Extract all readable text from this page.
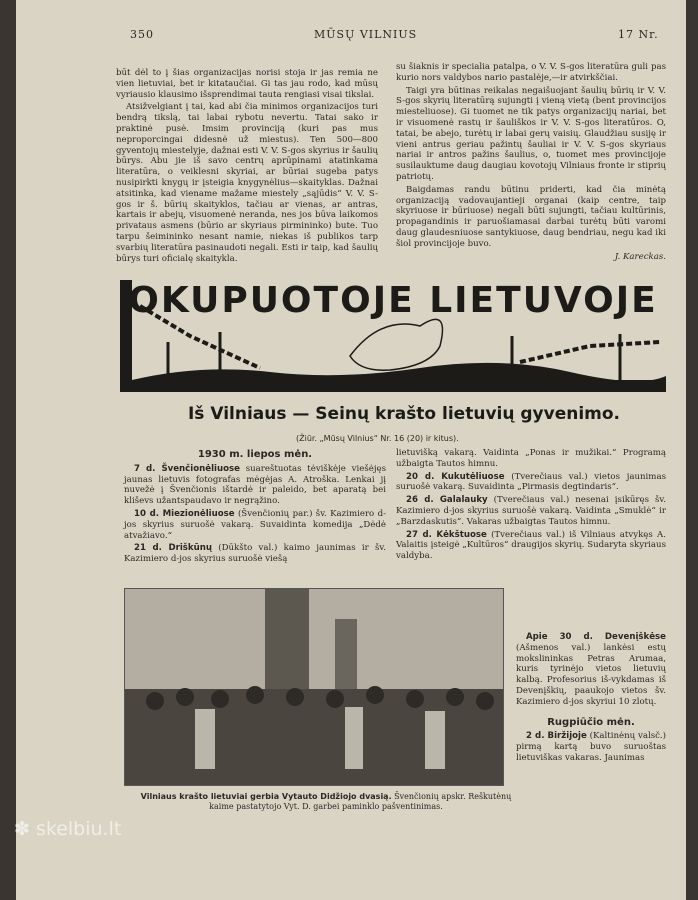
350	MŪSŲ VILNIUS	17 Nr.

būt dėl to į šias organizacijas norisi stoja ir jas remia ne vien lietuviai, bet ir kitataučiai. Gi tas jau rodo, kad mūsų vyriausio klausimo išsprendimai tauta rengiasi visai tikslai.

Atsižvelgiant į tai, kad abi čia minimos organizacijos turi bendrą tikslą, tai labai rybotu nevertu. Tatai sako ir praktinė pusė. Imsim provinciją (kuri pas mus neproporcingai didesnė už miestus). Ten 500—800 gyventojų miestelyje, dažnai esti V. V. S-gos skyrius ir šaulių būrys. Abu jie iš savo centrų aprūpinami atatinkama literatūra, o veiklesni skyriai, ar būriai sugeba patys nusipirkti knygų ir įsteigia knygynėlius—skaityklas. Dažnai atsitinka, kad viename mažame miestely „sąjūdis“ V. V. S-gos ir š. būrių skaityklos, tačiau ar vienas, ar antras, kartais ir abejų, visuomenė neranda, nes jos būva laikomos privataus asmens (būrio ar skyriaus pirmininko) bute. Tuo tarpu šeimininko nesant namie, niekas iš publikos tarp svarbių literatūra pasinaudoti negali. Esti ir taip, kad šaulių būrys turi oficialę skaitykla.

su šiaknis ir specialia patalpa, o V. V. S-gos literatūra guli pas kurio nors valdybos nario pastalėje,—ir atvirkščiai.

Taigi yra būtinas reikalas negaišuojant šaulių būrių ir V. V. S-gos skyrių literatūrą sujungti į vieną vietą (bent provincijos miesteliuose). Gi tuomet ne tik patys organizacijų nariai, bet ir visuomenė rastų ir šauliškos ir V. V. S-gos literatūros. O, tatai, be abejo, turėtų ir labai gerų vaisių. Glaudžiau susiję ir vieni antrus geriau pažintų šauliai ir V. V. S-gos skyriaus nariai ir antros pažins šaulius, o, tuomet mes provincijoje susilauktume daug daugiau kovotojų Vilniaus fronte ir stiprių patriotų.

Baigdamas randu būtinu priderti, kad čia minėtą organizaciją vadovaujantieji organai (kaip centre, taip skyriuose ir būriuose) negali būti sujungti, tačiau kultūrinis, propagandinis ir paruošiamasai darbai turėtų būti varomi daug glaudesniuose santykiuose, daug bendriau, negu kad iki šiol provincijoje buvo.

J. Kareckas.
OKUPUOTOJE LIETUVOJE
Iš Vilniaus — Seinų krašto lietuvių gyvenimo.
(Žiūr. „Mūsų Vilnius“ Nr. 16 (20) ir kitus).
1930 m. liepos mėn.

7 d. Švenčionėliuose suareštuotas tėviškėje viešėjęs jaunas lietuvis fotografas mėgėjas A. Atroška. Lenkai jį nuvežė į Švenčionis ištardė ir paleido, bet aparatą bei kliševs užantspaudavo ir negrąžino.

10 d. Miezionėliuose (Švenčionių par.) šv. Kazimiero d-jos skyrius suruošė vakarą. Suvaidinta komedija „Dėdė atvažiavo.“

21 d. Driškūnų (Dūkšto val.) kaimo jaunimas ir šv. Kazimiero d-jos skyrius suruošė viešą

lietuvišką vakarą. Vaidinta „Ponas ir mužikai.“ Programą užbaigta Tautos himnu.

20 d. Kukutėliuose (Tverečiaus val.) vietos jaunimas suruošė vakarą. Suvaidinta „Pirmasis degtindaris“.

26 d. Galalauky (Tverečiaus val.) nesenai įsikūręs šv. Kazimiero d-jos skyrius suruošė vakarą. Vaidinta „Smuklė“ ir „Barzdaskutis“. Vakaras užbaigtas Tautos himnu.

27 d. Kėkštuose (Tverečiaus val.) iš Vilniaus atvykęs A. Valaitis įsteigė „Kultūros“ draugijos skyrių. Sudaryta skyriaus valdyba.

Vilniaus krašto lietuviai gerbia Vytauto Didžiojo dvasią. Švenčionių apskr. Reškutėnų kaime pastatytojo Vyt. D. garbei paminklo pašventinimas.

Apie 30 d. Devenįškėse (Ašmenos val.) lankėsi estų mokslininkas Petras Arumaa, kuris tyrinėjo vietos lietuvių kalbą. Profesorius iš-vykdamas iš Devenįškių, paaukojo vietos šv. Kazimiero d-jos skyriui 10 zlotų.

Rugpiūčio mėn.

2 d. Biržijoje (Kaltinėnų valsč.) pirmą kartą buvo suruoštas lietuviškas vakaras. Jaunimas

✽ skelbiu.lt
